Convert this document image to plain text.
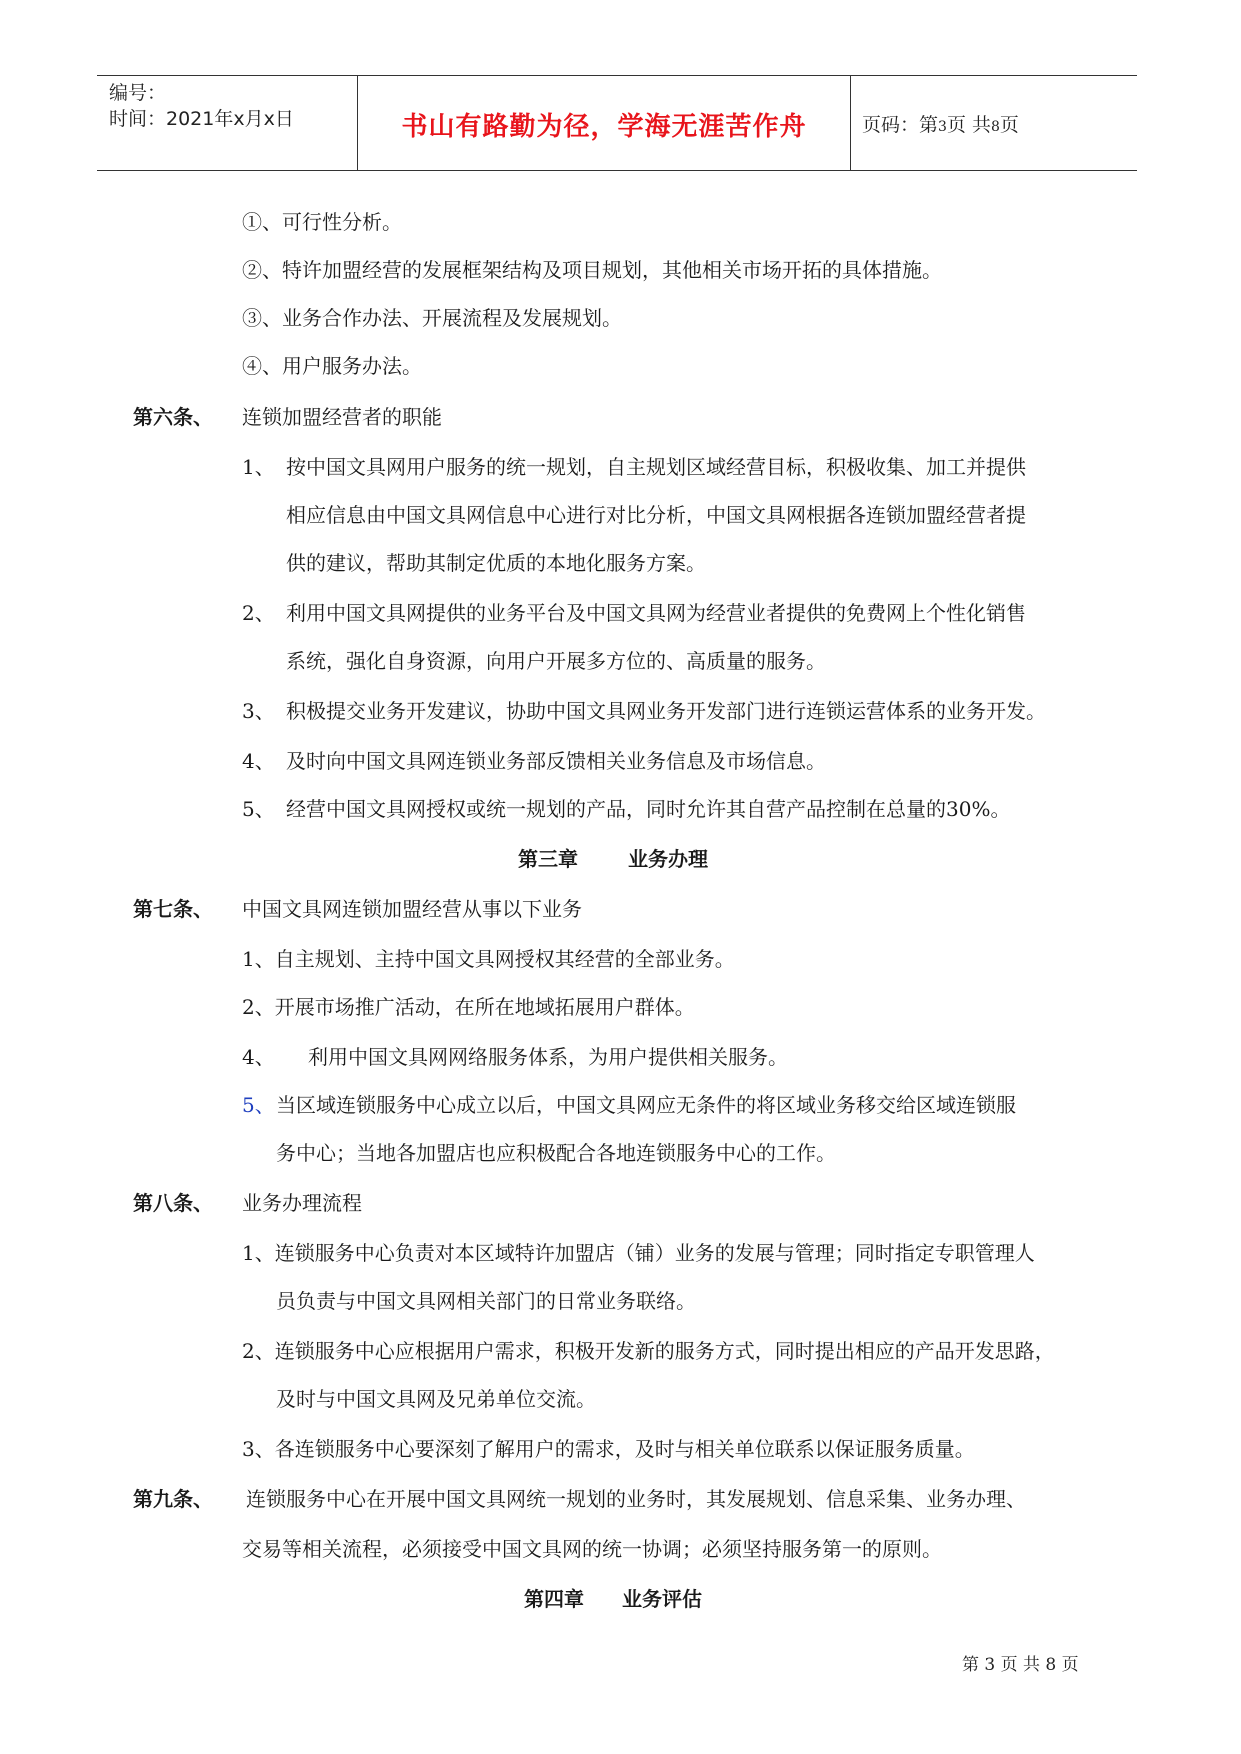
编号：
时间：2021年x月x日	书山有路勤为径，学海无涯苦作舟	页码：第3页 共8页
①、可行性分析。
②、特许加盟经营的发展框架结构及项目规划，其他相关市场开拓的具体措施。
③、业务合作办法、开展流程及发展规划。
④、用户服务办法。
第六条、 连锁加盟经营者的职能
1、 按中国文具网用户服务的统一规划，自主规划区域经营目标，积极收集、加工并提供
相应信息由中国文具网信息中心进行对比分析，中国文具网根据各连锁加盟经营者提
供的建议，帮助其制定优质的本地化服务方案。
2、 利用中国文具网提供的业务平台及中国文具网为经营业者提供的免费网上个性化销售
系统，强化自身资源，向用户开展多方位的、高质量的服务。
3、 积极提交业务开发建议，协助中国文具网业务开发部门进行连锁运营体系的业务开发。
4、 及时向中国文具网连锁业务部反馈相关业务信息及市场信息。
5、 经营中国文具网授权或统一规划的产品，同时允许其自营产品控制在总量的30%。
第三章	业务办理
第七条、 中国文具网连锁加盟经营从事以下业务
1、自主规划、主持中国文具网授权其经营的全部业务。
2、开展市场推广活动，在所在地域拓展用户群体。
4、 利用中国文具网网络服务体系，为用户提供相关服务。
5、 当区域连锁服务中心成立以后，中国文具网应无条件的将区域业务移交给区域连锁服
务中心；当地各加盟店也应积极配合各地连锁服务中心的工作。
第八条、 业务办理流程
1、连锁服务中心负责对本区域特许加盟店（铺）业务的发展与管理；同时指定专职管理人
员负责与中国文具网相关部门的日常业务联络。
2、连锁服务中心应根据用户需求，积极开发新的服务方式，同时提出相应的产品开发思路，
及时与中国文具网及兄弟单位交流。
3、各连锁服务中心要深刻了解用户的需求，及时与相关单位联系以保证服务质量。
第九条、 连锁服务中心在开展中国文具网统一规划的业务时，其发展规划、信息采集、业务办理、
交易等相关流程，必须接受中国文具网的统一协调；必须坚持服务第一的原则。
第四章 业务评估
第 3 页 共 8 页
